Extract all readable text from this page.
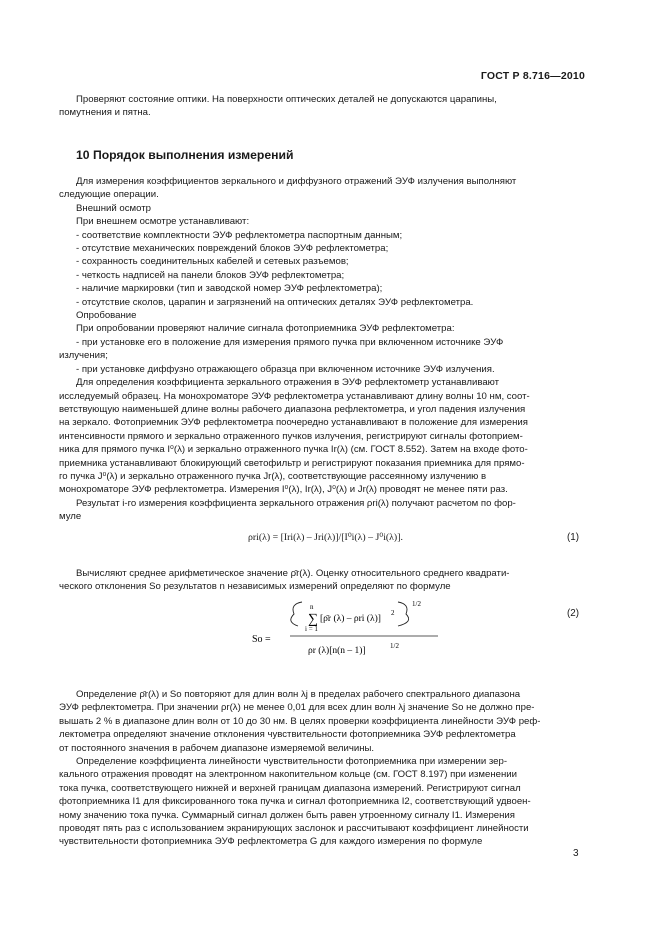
ГОСТ Р 8.716—2010
Проверяют состояние оптики. На поверхности оптических деталей не допускаются царапины,
помутнения и пятна.
10 Порядок выполнения измерений
Для измерения коэффициентов зеркального и диффузного отражений ЭУФ излучения выполняют
следующие операции.
Внешний осмотр
При внешнем осмотре устанавливают:
- соответствие комплектности ЭУФ рефлектометра паспортным данным;
- отсутствие механических повреждений блоков ЭУФ рефлектометра;
- сохранность соединительных кабелей и сетевых разъемов;
- четкость надписей на панели блоков ЭУФ рефлектометра;
- наличие маркировки (тип и заводской номер ЭУФ рефлектометра);
- отсутствие сколов, царапин и загрязнений на оптических деталях ЭУФ рефлектометра.
Опробование
При опробовании проверяют наличие сигнала фотоприемника ЭУФ рефлектометра:
- при установке его в положение для измерения прямого пучка при включенном источнике ЭУФ
излучения;
- при установке диффузно отражающего образца при включенном источнике ЭУФ излучения.
Для определения коэффициента зеркального отражения в ЭУФ рефлектометр устанавливают
исследуемый образец. На монохроматоре ЭУФ рефлектометра устанавливают длину волны 10 нм, соот-
ветствующую наименьшей длине волны рабочего диапазона рефлектометра, и угол падения излучения
на зеркало. Фотоприемник ЭУФ рефлектометра поочередно устанавливают в положение для измерения
интенсивности прямого и зеркально отраженного пучков излучения, регистрируют сигналы фотоприем-
ника для прямого пучка I⁰(λ) и зеркально отраженного пучка Ir(λ) (см. ГОСТ 8.552). Затем на входе фото-
приемника устанавливают блокирующий светофильтр и регистрируют показания приемника для прямо-
го пучка J⁰(λ) и зеркально отраженного пучка Jr(λ), соответствующие рассеянному излучению в
монохроматоре ЭУФ рефлектометра. Измерения I⁰(λ), Ir(λ), J⁰(λ) и Jr(λ) проводят не менее пяти раз.
Результат i-го измерения коэффициента зеркального отражения ρri(λ) получают расчетом по фор-
муле
ρri(λ) = [Iri(λ) – Jri(λ)]/[I⁰i(λ) – J⁰i(λ)].	(1)
Вычисляют среднее арифметическое значение ρ̄r(λ). Оценку относительного среднего квадрати-
ческого отклонения So результатов n независимых измерений определяют по формуле
So =
n
∑
i = 1
[ρ̄r (λ) – ρri (λ)]
2
1/2
ρr (λ)[n(n – 1)]	1/2
(2)
Определение ρ̄r(λ) и So повторяют для длин волн λj в пределах рабочего спектрального диапазона
ЭУФ рефлектометра. При значении ρr(λ) не менее 0,01 для всех длин волн λj значение So не должно пре-
вышать 2 % в диапазоне длин волн от 10 до 30 нм. В целях проверки коэффициента линейности ЭУФ реф-
лектометра определяют значение отклонения чувствительности фотоприемника ЭУФ рефлектометра
от постоянного значения в рабочем диапазоне измеряемой величины.
Определение коэффициента линейности чувствительности фотоприемника при измерении зер-
кального отражения проводят на электронном накопительном кольце (см. ГОСТ 8.197) при изменении
тока пучка, соответствующего нижней и верхней границам диапазона измерений. Регистрируют сигнал
фотоприемника I1 для фиксированного тока пучка и сигнал фотоприемника I2, соответствующий удвоен-
ному значению тока пучка. Суммарный сигнал должен быть равен утроенному сигналу I1. Измерения
проводят пять раз с использованием экранирующих заслонок и рассчитывают коэффициент линейности
чувствительности фотоприемника ЭУФ рефлектометра G для каждого измерения по формуле
3
